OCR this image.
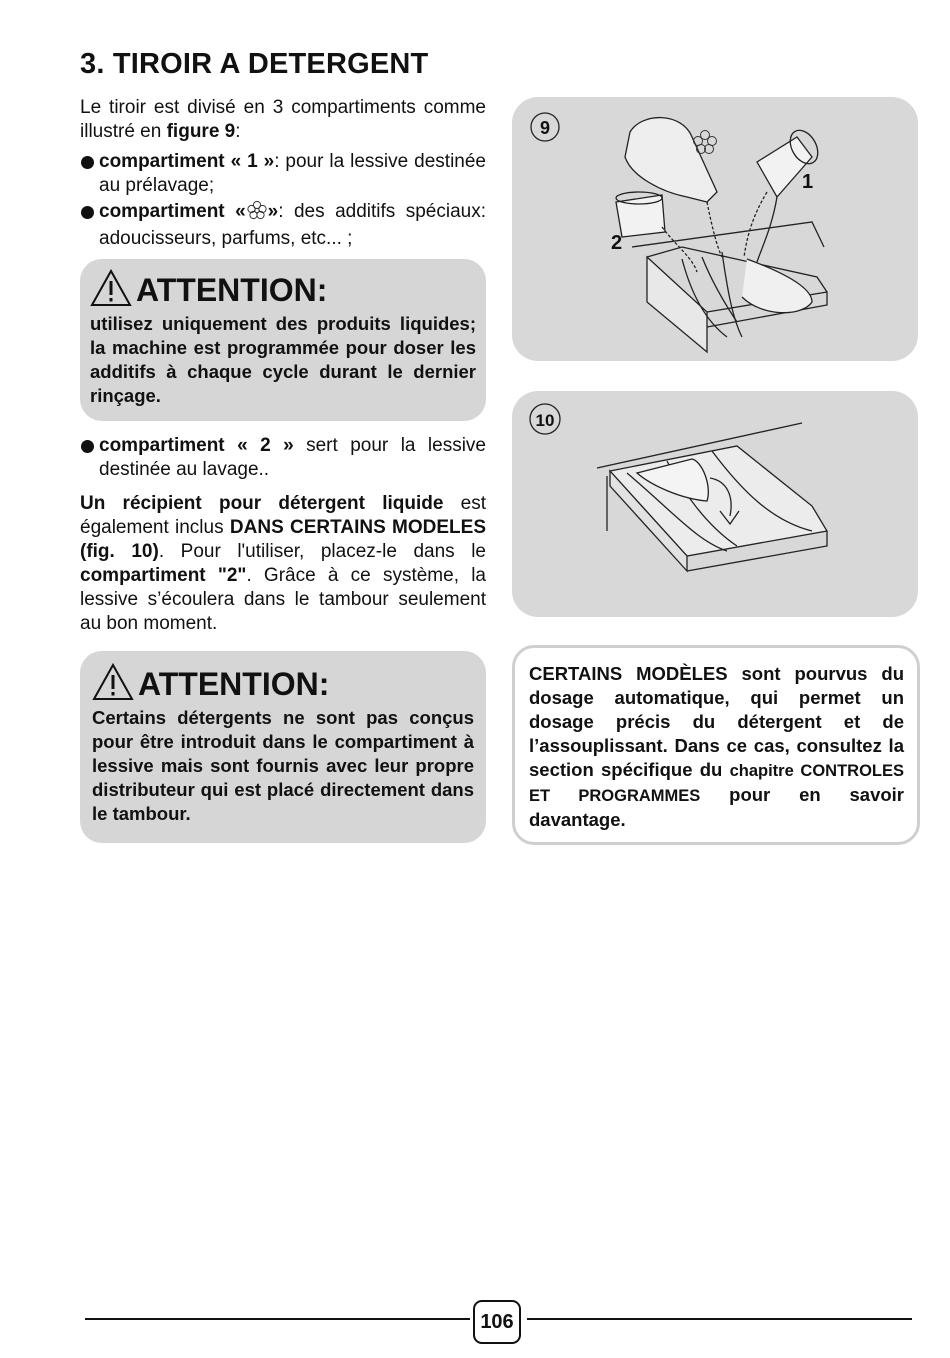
3. TIROIR A DETERGENT

Le tiroir est divisé en 3 compartiments comme illustré en figure 9:

compartiment « 1 »: pour la lessive destinée au prélavage;

compartiment « »: des additifs spéciaux: adoucisseurs, parfums, etc... ;

ATTENTION:

utilisez uniquement des produits liquides; la machine est programmée pour doser les additifs à chaque cycle durant le dernier rinçage.

compartiment « 2 » sert pour la lessive destinée au lavage..

Un récipient pour détergent liquide est également inclus DANS CERTAINS MODELES (fig. 10). Pour l'utiliser, placez-le dans le compartiment "2". Grâce à ce système, la lessive s’écoulera dans le tambour seulement au bon moment.

ATTENTION:

Certains détergents ne sont pas conçus pour être introduit dans le compartiment à lessive mais sont fournis avec leur propre distributeur qui est placé directement dans le tambour.

9
1
2
10

CERTAINS MODÈLES sont pourvus du dosage automatique, qui permet un dosage précis du détergent et de l’assouplissant. Dans ce cas, consultez la section spécifique du chapitre CONTROLES ET PROGRAMMES pour en savoir davantage.

106
